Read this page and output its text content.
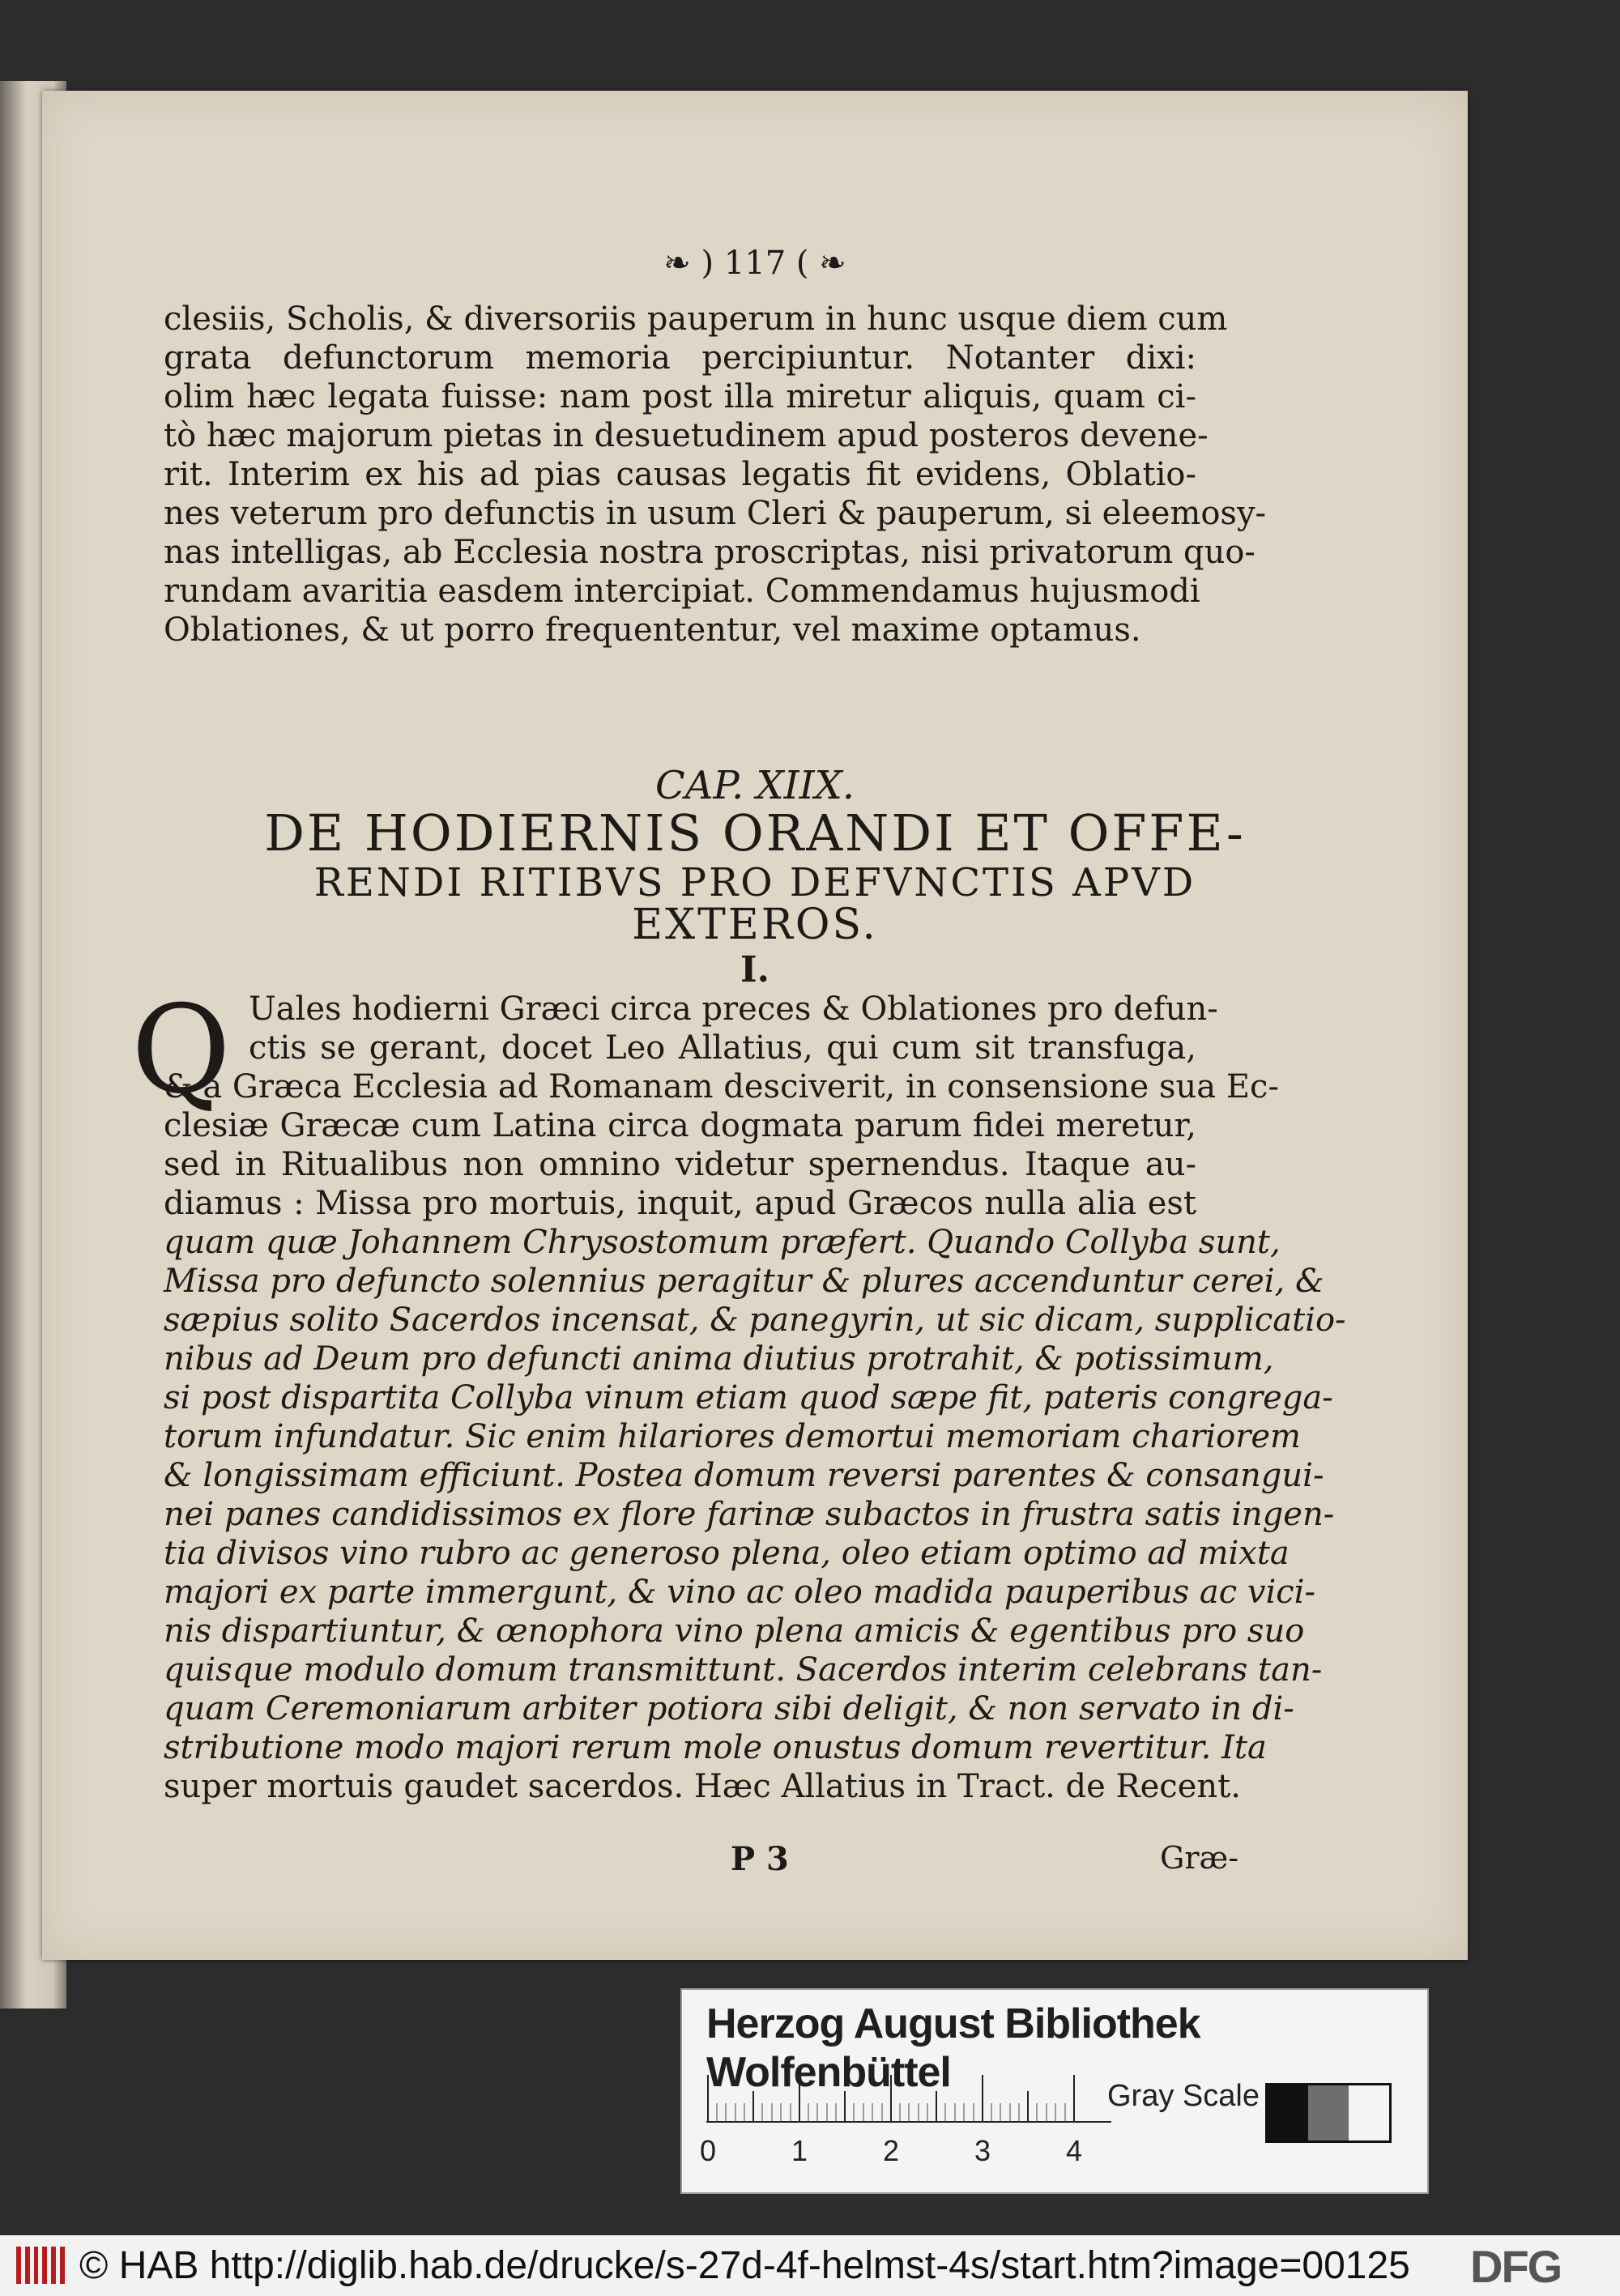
❧ ) 117 ( ❧
clesiis, Scholis, & diversoriis pauperum in hunc usque diem cum
grata defunctorum memoria percipiuntur. Notanter dixi:
olim hæc legata fuisse: nam post illa miretur aliquis, quam ci-
tò hæc majorum pietas in desuetudinem apud posteros devene-
rit. Interim ex his ad pias causas legatis fit evidens, Oblatio-
nes veterum pro defunctis in usum Cleri & pauperum, si eleemosy-
nas intelligas, ab Ecclesia nostra proscriptas, nisi privatorum quo-
rundam avaritia easdem intercipiat. Commendamus hujusmodi
Oblationes, & ut porro frequententur, vel maxime optamus.
CAP. XIIX.
DE HODIERNIS ORANDI ET OFFE-
RENDI RITIBVS PRO DEFVNCTIS APVD
EXTEROS.
I.
Q Uales hodierni Græci circa preces & Oblationes pro defun-
ctis se gerant, docet Leo Allatius, qui cum sit transfuga,
& à Græca Ecclesia ad Romanam desciverit, in consensione sua Ec-
clesiæ Græcæ cum Latina circa dogmata parum fidei meretur,
sed in Ritualibus non omnino videtur spernendus. Itaque au-
diamus : Missa pro mortuis, inquit, apud Græcos nulla alia est
quam quæ Johannem Chrysostomum præfert. Quando Collyba sunt,
Missa pro defuncto solennius peragitur & plures accenduntur cerei, &
sæpius solito Sacerdos incensat, & panegyrin, ut sic dicam, supplicatio-
nibus ad Deum pro defuncti anima diutius protrahit, & potissimum,
si post dispartita Collyba vinum etiam quod sæpe fit, pateris congrega-
torum infundatur. Sic enim hilariores demortui memoriam chariorem
& longissimam efficiunt. Postea domum reversi parentes & consangui-
nei panes candidissimos ex flore farinæ subactos in frustra satis ingen-
tia divisos vino rubro ac generoso plena, oleo etiam optimo ad mixta
majori ex parte immergunt, & vino ac oleo madida pauperibus ac vici-
nis dispartiuntur, & œnophora vino plena amicis & egentibus pro suo
quisque modulo domum transmittunt. Sacerdos interim celebrans tan-
quam Ceremoniarum arbiter potiora sibi deligit, & non servato in di-
stributione modo majori rerum mole onustus domum revertitur. Ita
super mortuis gaudet sacerdos. Hæc Allatius in Tract. de Recent.
P 3	Græ-
Herzog August Bibliothek Wolfenbüttel
0	1	2	3	4
Gray Scale
© HAB http://diglib.hab.de/drucke/s-27d-4f-helmst-4s/start.htm?image=00125 DFG
